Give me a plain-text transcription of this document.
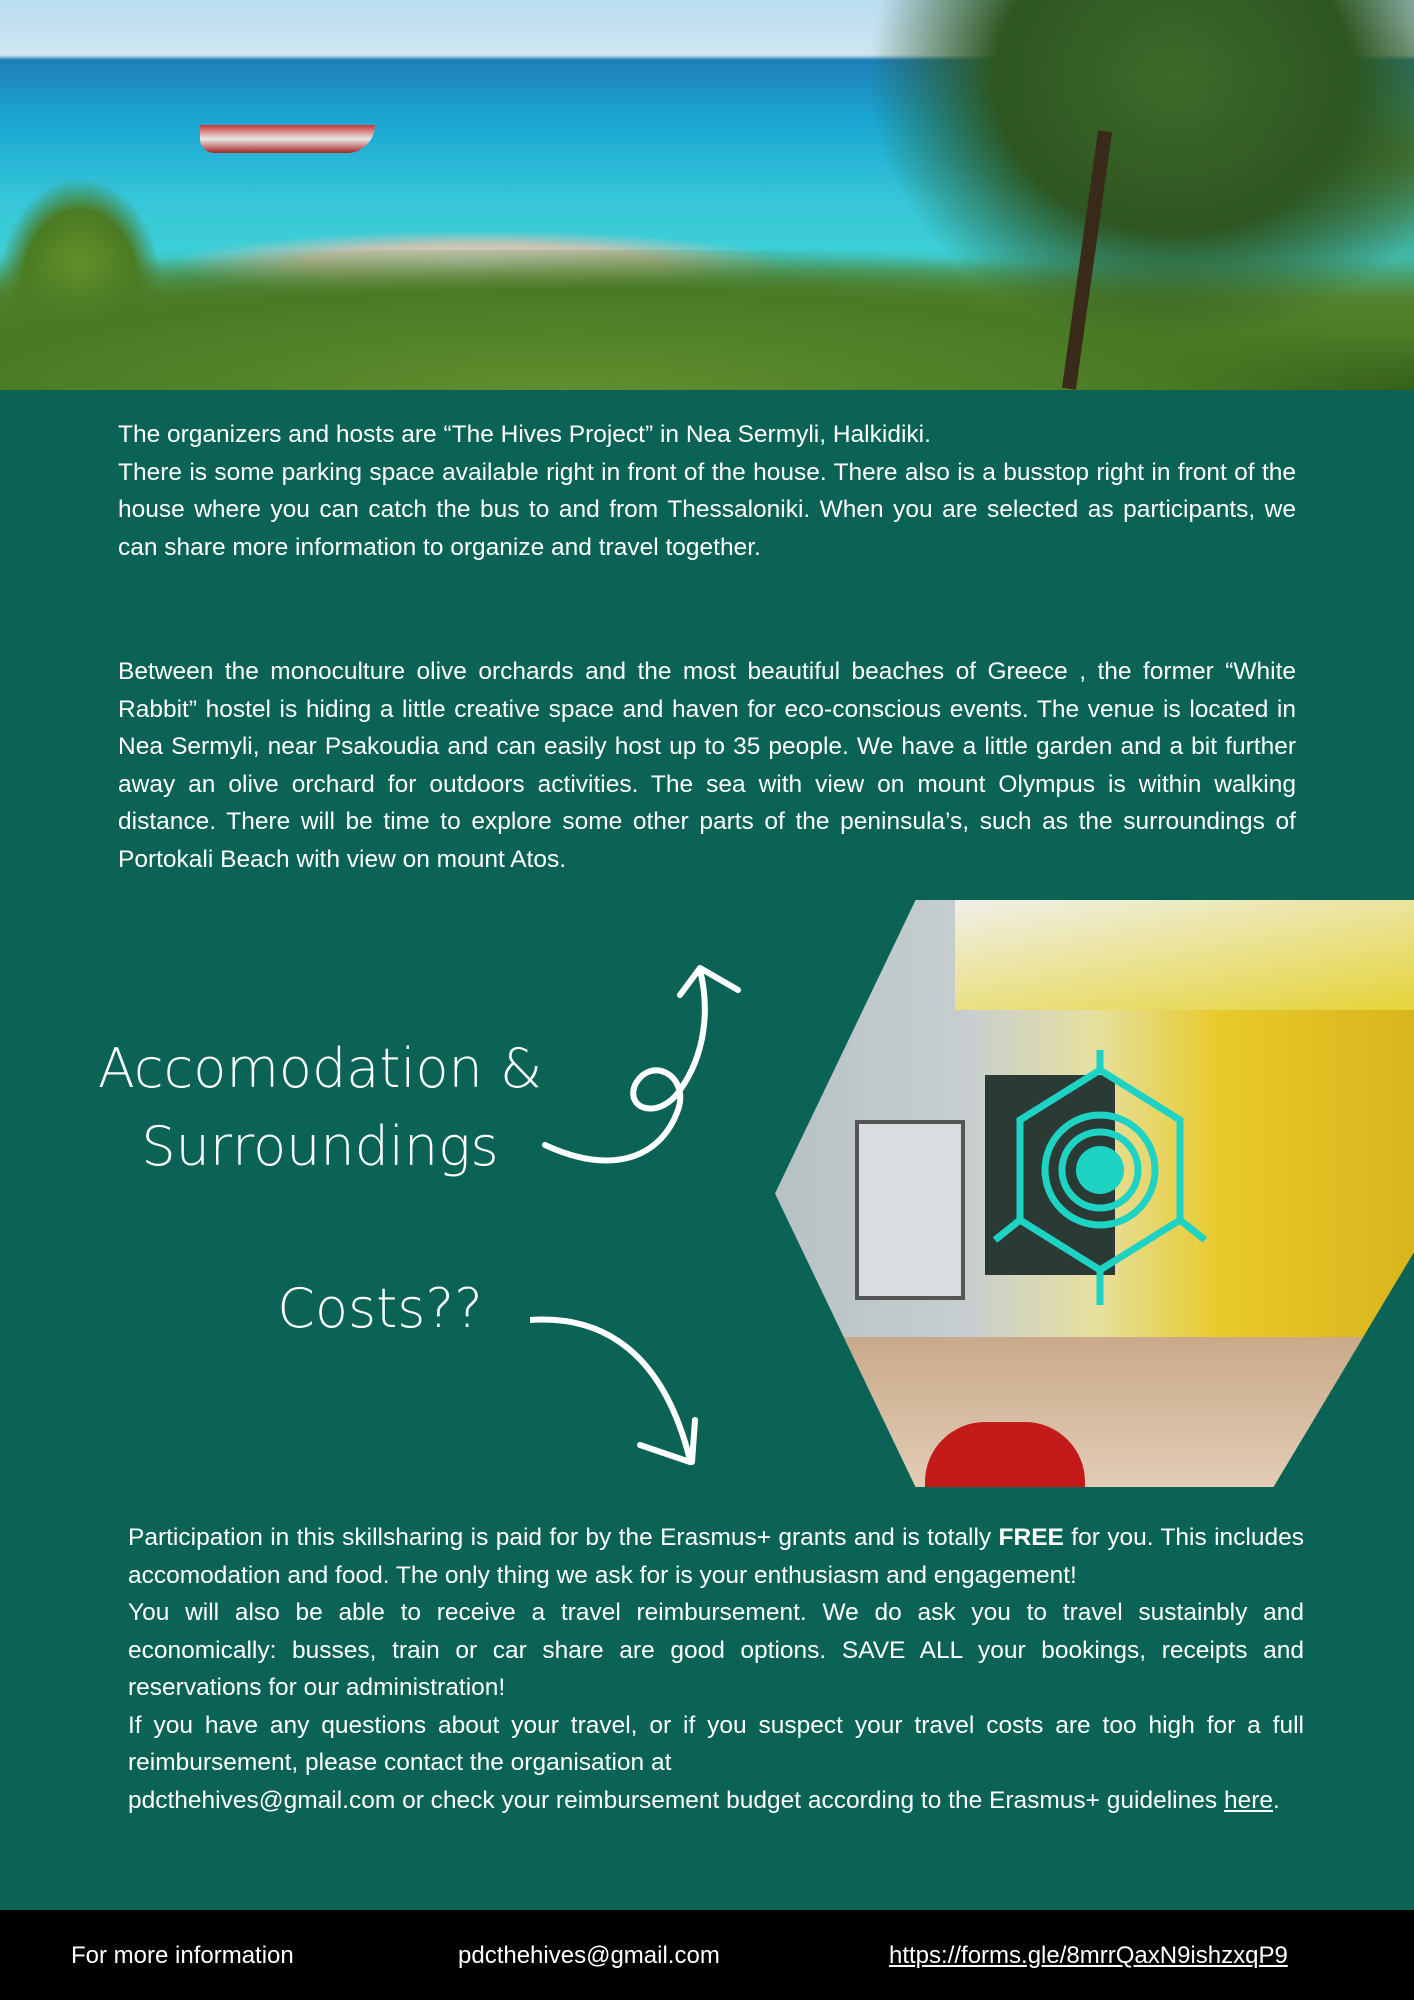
The organizers and hosts are “The Hives Project” in Nea Sermyli, Halkidiki.
There is some parking space available right in front of the house. There also is a busstop right in front of the house where you can catch the bus to and from Thessaloniki. When you are selected as participants, we can share more information to organize and travel together.
Between the monoculture olive orchards and the most beautiful beaches of Greece , the former “White Rabbit” hostel is hiding a little creative space and haven for eco-conscious events. The venue is located in Nea Sermyli, near Psakoudia and can easily host up to 35 people. We have a little garden and a bit further away an olive orchard for outdoors activities. The sea with view on mount Olympus is within walking distance. There will be time to explore some other parts of the peninsula’s, such as the surroundings of Portokali Beach with view on mount Atos.
Accomodation &
Surroundings
Costs??
Participation in this skillsharing is paid for by the Erasmus+ grants and is totally FREE for you. This includes accomodation and food. The only thing we ask for is your enthusiasm and engagement!
You will also be able to receive a travel reimbursement. We do ask you to travel sustainbly and economically: busses, train or car share are good options. SAVE ALL your bookings, receipts and reservations for our administration!
If you have any questions about your travel, or if you suspect your travel costs are too high for a full reimbursement, please contact the organisation at
pdcthehives@gmail.com or check your reimbursement budget according to the Erasmus+ guidelines here.
For more information	pdcthehives@gmail.com	https://forms.gle/8mrrQaxN9ishzxqP9
